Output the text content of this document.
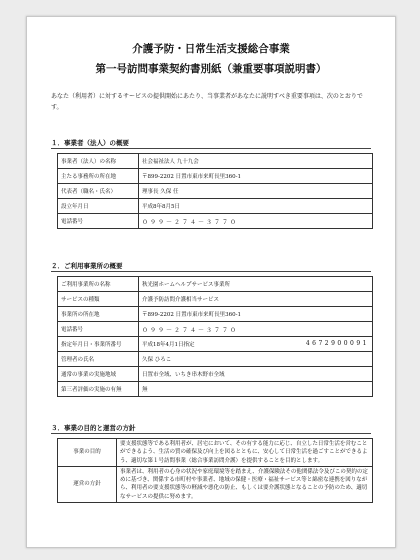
介護予防・日常生活支援総合事業
第一号訪問事業契約書別紙（兼重要事項説明書）
あなた（利用者）に対するサービスの提供開始にあたり、当事業者があなたに説明すべき重要事項は、次のとおりです。
１．事業者（法人）の概要
事業者（法人）の名称	社会福祉法人 九十九会
主たる事務所の所在地	〒899-2202 日置市東市来町長里360-1
代表者（職名・氏名）	理事長 久保 任
設立年月日	平成8年8月5日
電話番号	０９９－２７４－３７７０
２．ご利用事業所の概要
ご利用事業所の名称	秋光園ホームヘルプサービス事業所
サービスの種類	介護予防訪問介護相当サービス
事業所の所在地	〒899-2202 日置市東市来町長里360-1
電話番号	０９９－２７４－３７７０
指定年月日・事業所番号	平成18年4月1日指定 4672900091

管理者の氏名	久保 ひろこ
通常の事業の実施地域	日置市全域、いちき串木野市全域
第三者評価の実施の有無	無
３．事業の目的と運営の方針
事業の目的	要支援状態等である利用者が、居宅において、その有する能力に応じ、自立した日常生活を営むことができるよう、生活の質の確保及び向上を図るとともに、安心して日常生活を過ごすことができるよう、適切な第１号訪問事業（総合事業訪問介護）を提供することを目的とします。
運営の方針	事業者は、利用者の心身の状況や家庭環境等を踏まえ、介護保険法その他関係法令及びこの契約の定めに基づき、関係する市町村や事業者、地域の保健・医療・福祉サービス等と綿密な連携を図りながら、利用者の要支援状態等の軽減や悪化の防止、もしくは要介護状態となることの予防のため、適切なサービスの提供に努めます。
